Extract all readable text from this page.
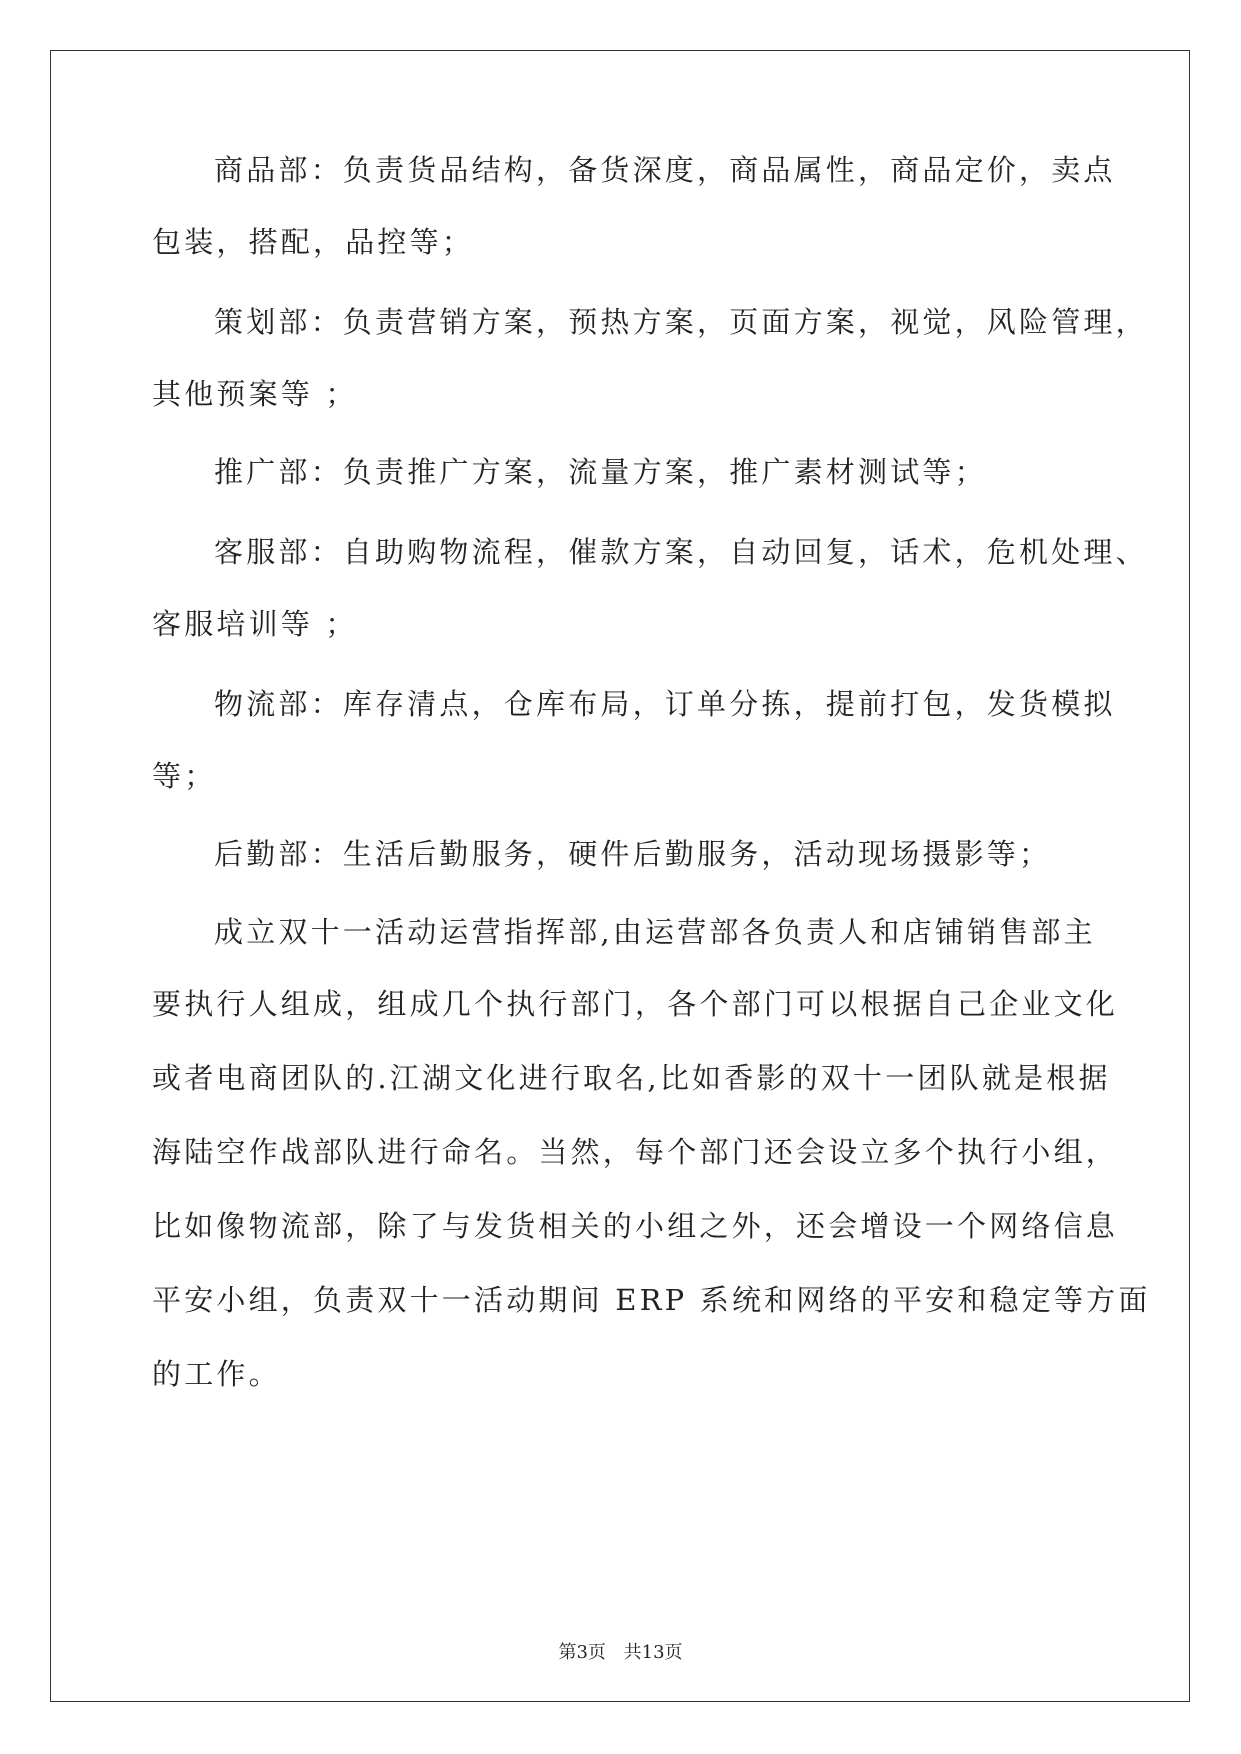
商品部：负责货品结构，备货深度，商品属性，商品定价，卖点
包装，搭配，品控等；
策划部：负责营销方案，预热方案，页面方案，视觉，风险管理，
其他预案等 ；
推广部：负责推广方案，流量方案，推广素材测试等；
客服部：自助购物流程，催款方案，自动回复，话术，危机处理、
客服培训等 ；
物流部：库存清点，仓库布局，订单分拣，提前打包，发货模拟
等；
后勤部：生活后勤服务，硬件后勤服务，活动现场摄影等；
成立双十一活动运营指挥部,由运营部各负责人和店铺销售部主
要执行人组成，组成几个执行部门，各个部门可以根据自己企业文化
或者电商团队的.江湖文化进行取名,比如香影的双十一团队就是根据
海陆空作战部队进行命名。当然，每个部门还会设立多个执行小组，
比如像物流部，除了与发货相关的小组之外，还会增设一个网络信息
平安小组，负责双十一活动期间 ERP 系统和网络的平安和稳定等方面
的工作。
第3页 共13页
